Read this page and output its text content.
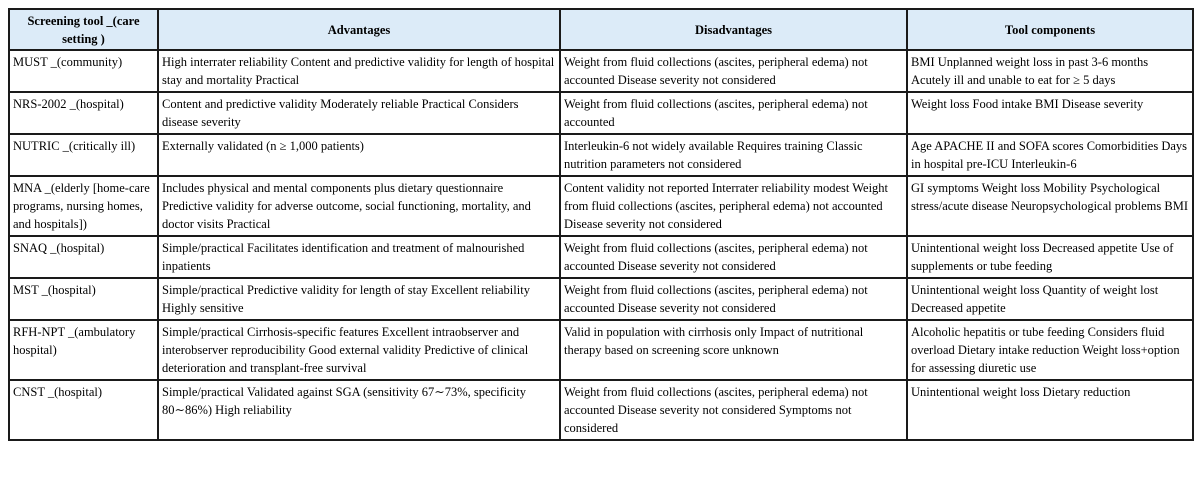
Screening tool _(care setting )	Advantages	Disadvantages	Tool components
MUST _(community)	High interrater reliability Content and predictive validity for length of hospital stay and mortality Practical	Weight from fluid collections (ascites, peripheral edema) not accounted Disease severity not considered	BMI Unplanned weight loss in past 3-6 months Acutely ill and unable to eat for ≥ 5 days
NRS-2002 _(hospital)	Content and predictive validity Moderately reliable Practical Considers disease severity	Weight from fluid collections (ascites, peripheral edema) not accounted	Weight loss Food intake BMI Disease severity
NUTRIC _(critically ill)	Externally validated (n ≥ 1,000 patients)	Interleukin-6 not widely available Requires training Classic nutrition parameters not considered	Age APACHE II and SOFA scores Comorbidities Days in hospital pre-ICU Interleukin-6
MNA _(elderly [home-care programs, nursing homes, and hospitals])	Includes physical and mental components plus dietary questionnaire Predictive validity for adverse outcome, social functioning, mortality, and doctor visits Practical	Content validity not reported Interrater reliability modest Weight from fluid collections (ascites, peripheral edema) not accounted Disease severity not considered	GI symptoms Weight loss Mobility Psychological stress/acute disease Neuropsychological problems BMI
SNAQ _(hospital)	Simple/practical Facilitates identification and treatment of malnourished inpatients	Weight from fluid collections (ascites, peripheral edema) not accounted Disease severity not considered	Unintentional weight loss Decreased appetite Use of supplements or tube feeding
MST _(hospital)	Simple/practical Predictive validity for length of stay Excellent reliability Highly sensitive	Weight from fluid collections (ascites, peripheral edema) not accounted Disease severity not considered	Unintentional weight loss Quantity of weight lost Decreased appetite
RFH-NPT _(ambulatory hospital)	Simple/practical Cirrhosis-specific features Excellent intraobserver and interobserver reproducibility Good external validity Predictive of clinical deterioration and transplant-free survival	Valid in population with cirrhosis only Impact of nutritional therapy based on screening score unknown	Alcoholic hepatitis or tube feeding Considers fluid overload Dietary intake reduction Weight loss+option for assessing diuretic use
CNST _(hospital)	Simple/practical Validated against SGA (sensitivity 67∼73%, specificity 80∼86%) High reliability	Weight from fluid collections (ascites, peripheral edema) not accounted Disease severity not considered Symptoms not considered	Unintentional weight loss Dietary reduction
